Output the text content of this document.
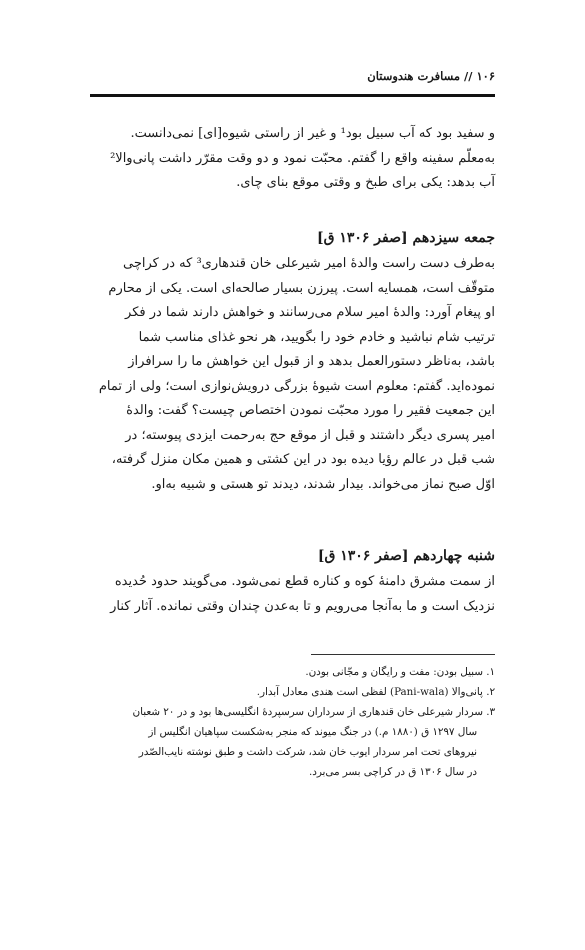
۱۰۶ // مسافرت هندوستان

و سفید بود که آب سبیل بود¹ و غیر از راستی شیوه[ای] نمی‌دانست.

به‌معلّم سفینه واقع را گفتم. محبّت نمود و دو وقت مقرّر داشت پانی‌والا²

آب بدهد: یکی برای طبخ و وقتی موقع بنای چای.

جمعه سیزدهم [صفر ۱۳۰۶ ق]

به‌طرف دست راست والدهٔ امیر شیرعلی خان قندهاری³ که در کراچی

متوقّف است، همسایه است. پیرزن بسیار صالحه‌ای است. یکی از محارم

او پیغام آورد: والدهٔ امیر سلام می‌رسانند و خواهش دارند شما در فکر

ترتیب شام نباشید و خادم خود را بگویید، هر نحو غذای مناسب شما

باشد، به‌ناظر دستورالعمل بدهد و از قبول این خواهش ما را سرافراز

نموده‌اید. گفتم: معلوم است شیوهٔ بزرگی درویش‌نوازی است؛ ولی از تمام

این جمعیت فقیر را مورد محبّت نمودن اختصاص چیست؟ گفت: والدهٔ

امیر پسری دیگر داشتند و قبل از موقع حج به‌رحمت ایزدی پیوسته؛ در

شب قبل در عالم رؤیا دیده بود در این کشتی و همین مکان منزل گرفته،

اوّل صبح نماز می‌خواند. بیدار شدند، دیدند تو هستی و شبیه به‌او.

شنبه چهاردهم [صفر ۱۳۰۶ ق]

از سمت مشرق دامنهٔ کوه و کناره قطع نمی‌شود. می‌گویند حدود حُدیده

نزدیک است و ما به‌آنجا می‌رویم و تا به‌عدن چندان وقتی نمانده. آثار کنار

۱. سبیل بودن: مفت و رایگان و مجّانی بودن.

۲. پانی‌والا (Pani-wala) لفظی است هندی معادل آبدار.

۳. سردار شیرعلی خان قندهاری از سرداران سرسپردهٔ انگلیسی‌ها بود و در ۲۰ شعبان

سال ۱۲۹۷ ق (۱۸۸۰ م.) در جنگ میوند که منجر به‌شکست سپاهیان انگلیس از

نیروهای تحت امر سردار ایوب خان شد، شرکت داشت و طبق نوشته نایب‌الصّدر

در سال ۱۳۰۶ ق در کراچی بسر می‌برد.
